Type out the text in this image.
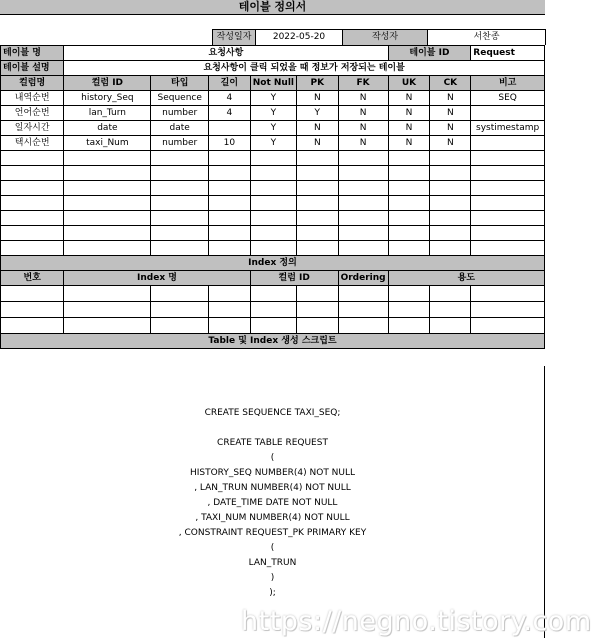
테이블 정의서
작성일자	2022-05-20	작성자	서찬종
테이블 명	요청사항						테이블 ID		Request
테이블 설명	요청사항이 클릭 되었을 때 정보가 저장되는 테이블								
컬럼명	컬럼 ID	타입	길이	Not Null	PK	FK	UK	CK	비고
내역순번	history_Seq	Sequence	4	Y	N	N	N	N	SEQ
언어순번	lan_Turn	number	4	Y	Y	N	N	N	
일자시간	date	date		Y	N	N	N	N	systimestamp
택시순번	taxi_Num	number	10	Y	N	N	N	N	

Index 정의									
번호	Index 명			컬럼 ID		Ordering	용도		

Table 및 Index 생성 스크립트									
CREATE SEQUENCE TAXI_SEQ;
CREATE TABLE REQUEST
(
HISTORY_SEQ NUMBER(4) NOT NULL
, LAN_TRUN NUMBER(4) NOT NULL
, DATE_TIME DATE NOT NULL
, TAXI_NUM NUMBER(4) NOT NULL
, CONSTRAINT REQUEST_PK PRIMARY KEY
(
LAN_TRUN
)
);
https://negno.tistory.com
